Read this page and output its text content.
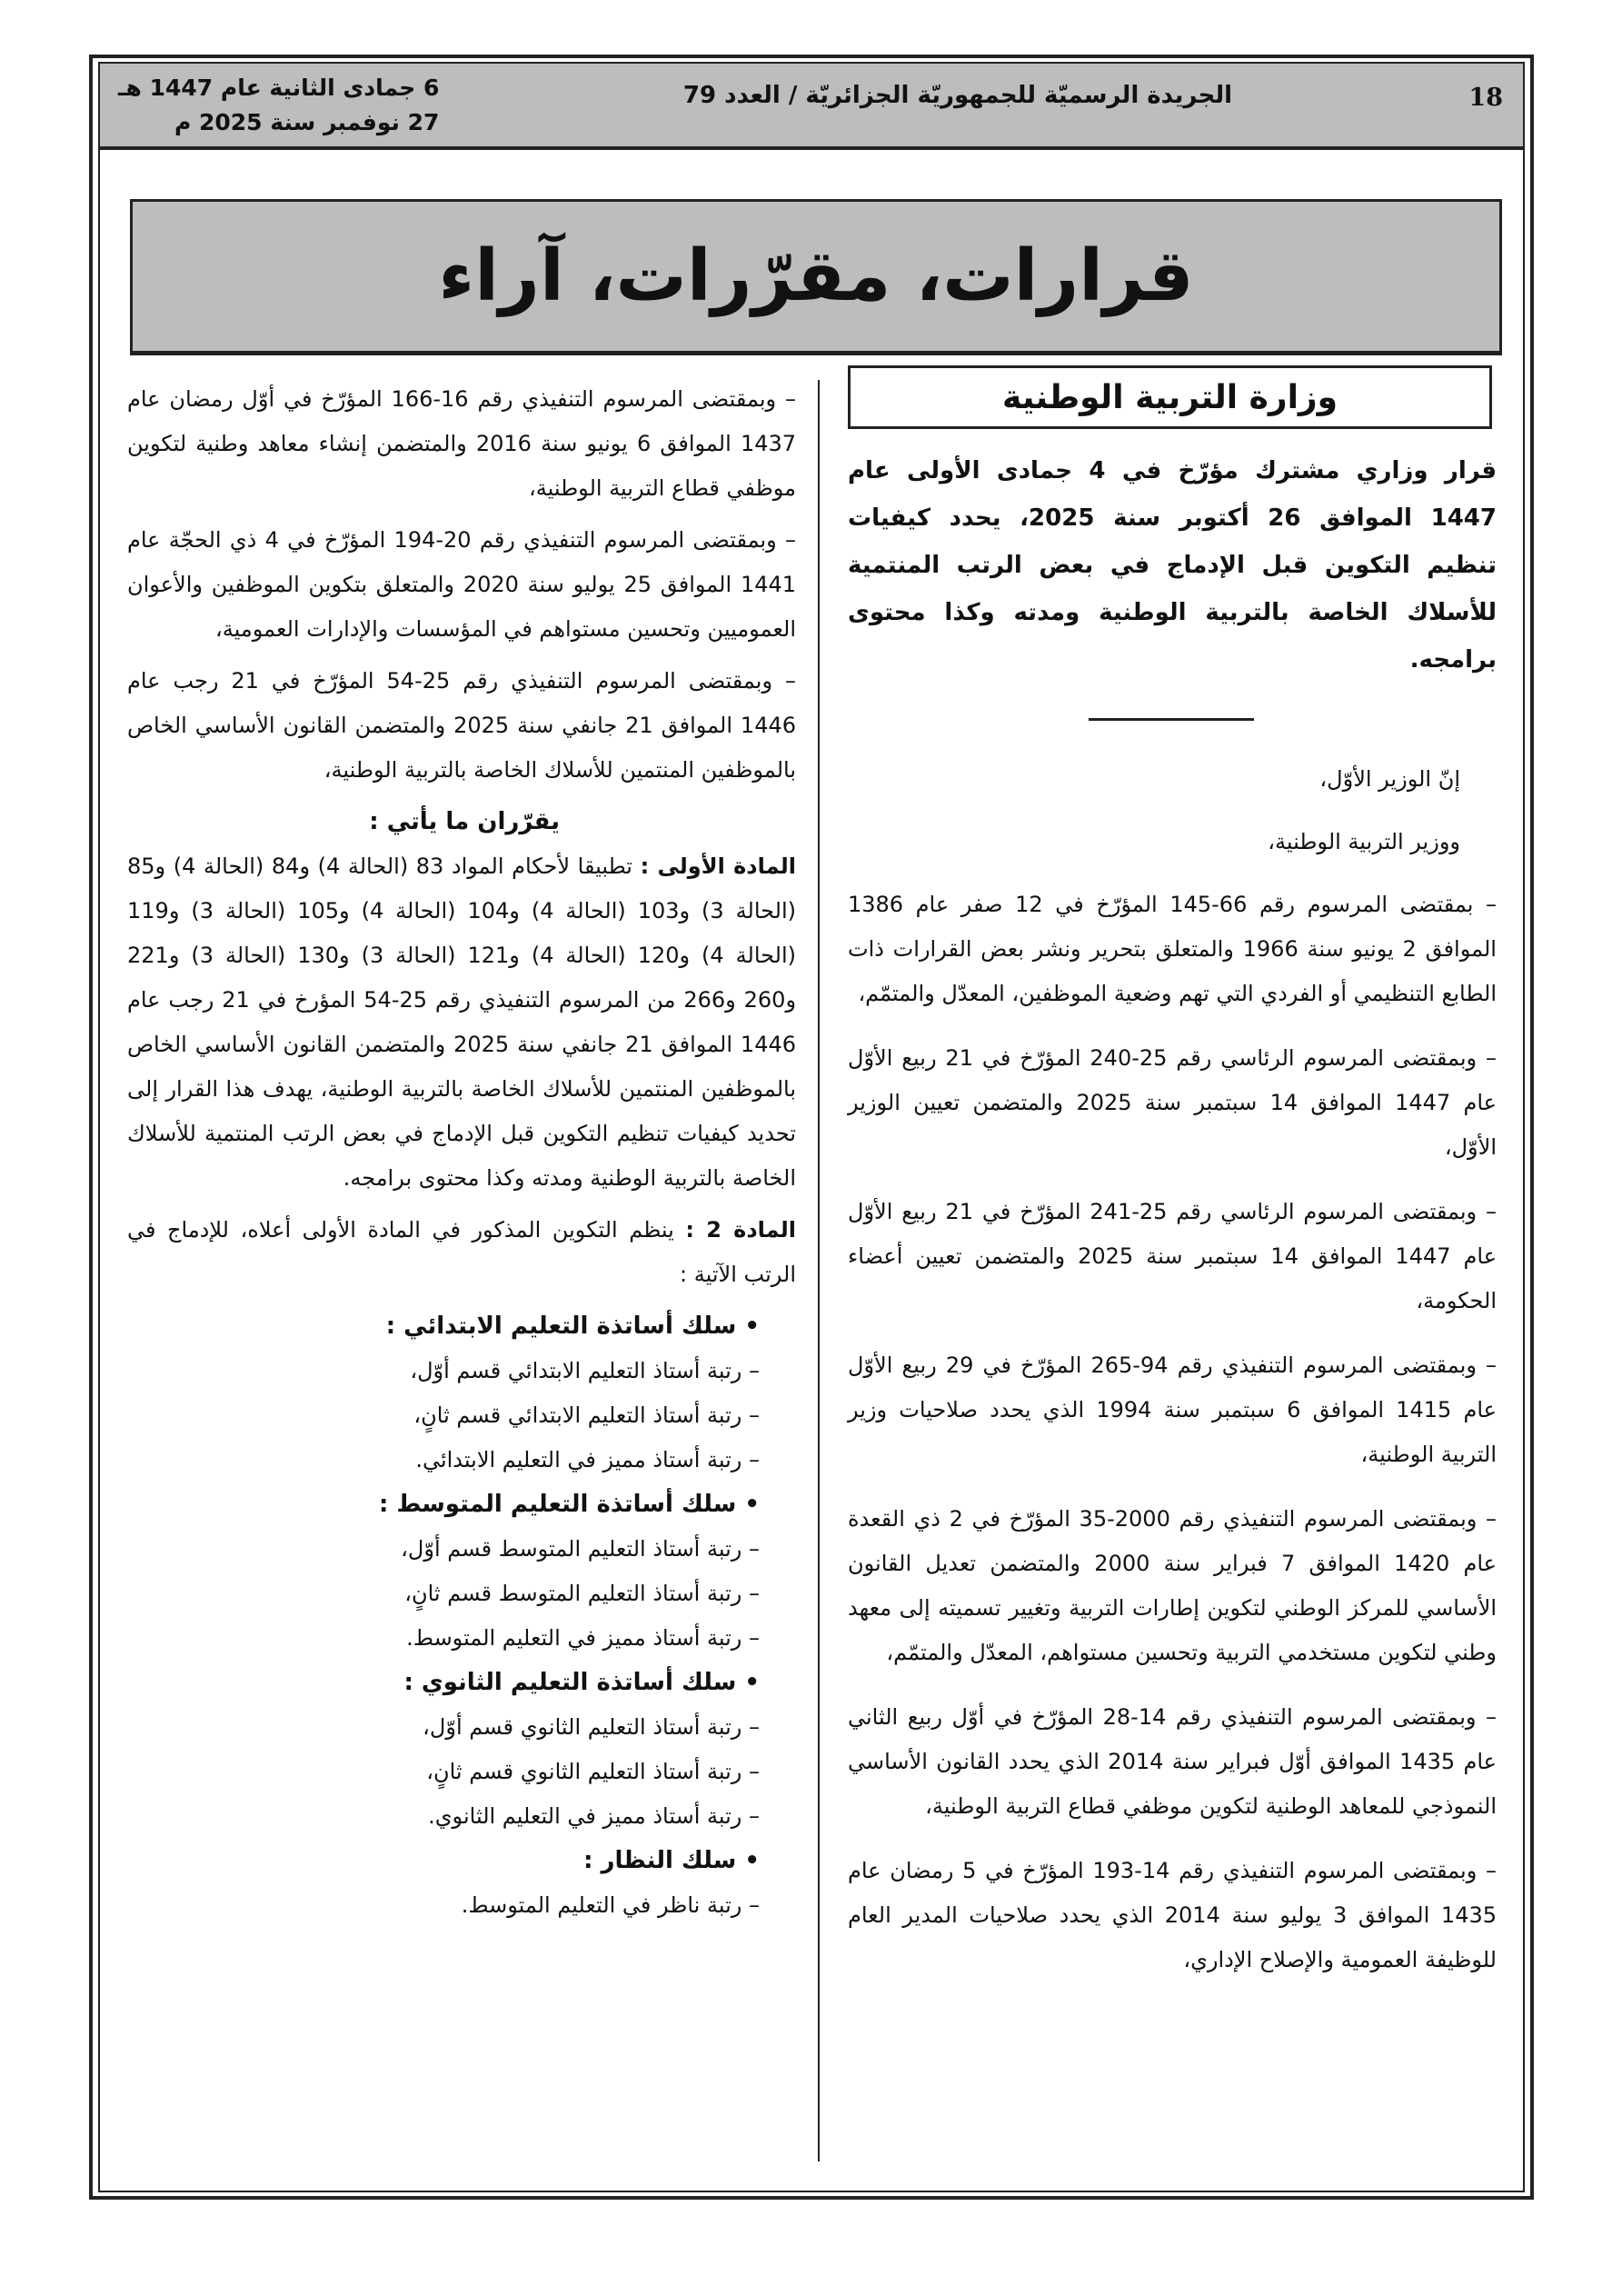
18
الجريدة الرسميّة للجمهوريّة الجزائريّة / العدد 79
6 جمادى الثانية عام 1447 هـ
27 نوفمبر سنة 2025 م
قرارات، مقرّرات، آراء
وزارة التربية الوطنية
قرار وزاري مشترك مؤرّخ في 4 جمادى الأولى عام 1447 الموافق 26 أكتوبر سنة 2025، يحدد كيفيات تنظيم التكوين قبل الإدماج في بعض الرتب المنتمية للأسلاك الخاصة بالتربية الوطنية ومدته وكذا محتوى برامجه.
إنّ الوزير الأوّل،
ووزير التربية الوطنية،
– بمقتضى المرسوم رقم 66-145 المؤرّخ في 12 صفر عام 1386 الموافق 2 يونيو سنة 1966 والمتعلق بتحرير ونشر بعض القرارات ذات الطابع التنظيمي أو الفردي التي تهم وضعية الموظفين، المعدّل والمتمّم،
– وبمقتضى المرسوم الرئاسي رقم 25-240 المؤرّخ في 21 ربيع الأوّل عام 1447 الموافق 14 سبتمبر سنة 2025 والمتضمن تعيين الوزير الأوّل،
– وبمقتضى المرسوم الرئاسي رقم 25-241 المؤرّخ في 21 ربيع الأوّل عام 1447 الموافق 14 سبتمبر سنة 2025 والمتضمن تعيين أعضاء الحكومة،
– وبمقتضى المرسوم التنفيذي رقم 94-265 المؤرّخ في 29 ربيع الأوّل عام 1415 الموافق 6 سبتمبر سنة 1994 الذي يحدد صلاحيات وزير التربية الوطنية،
– وبمقتضى المرسوم التنفيذي رقم 2000-35 المؤرّخ في 2 ذي القعدة عام 1420 الموافق 7 فبراير سنة 2000 والمتضمن تعديل القانون الأساسي للمركز الوطني لتكوين إطارات التربية وتغيير تسميته إلى معهد وطني لتكوين مستخدمي التربية وتحسين مستواهم، المعدّل والمتمّم،
– وبمقتضى المرسوم التنفيذي رقم 14-28 المؤرّخ في أوّل ربيع الثاني عام 1435 الموافق أوّل فبراير سنة 2014 الذي يحدد القانون الأساسي النموذجي للمعاهد الوطنية لتكوين موظفي قطاع التربية الوطنية،
– وبمقتضى المرسوم التنفيذي رقم 14-193 المؤرّخ في 5 رمضان عام 1435 الموافق 3 يوليو سنة 2014 الذي يحدد صلاحيات المدير العام للوظيفة العمومية والإصلاح الإداري،
– وبمقتضى المرسوم التنفيذي رقم 16-166 المؤرّخ في أوّل رمضان عام 1437 الموافق 6 يونيو سنة 2016 والمتضمن إنشاء معاهد وطنية لتكوين موظفي قطاع التربية الوطنية،
– وبمقتضى المرسوم التنفيذي رقم 20-194 المؤرّخ في 4 ذي الحجّة عام 1441 الموافق 25 يوليو سنة 2020 والمتعلق بتكوين الموظفين والأعوان العموميين وتحسين مستواهم في المؤسسات والإدارات العمومية،
– وبمقتضى المرسوم التنفيذي رقم 25-54 المؤرّخ في 21 رجب عام 1446 الموافق 21 جانفي سنة 2025 والمتضمن القانون الأساسي الخاص بالموظفين المنتمين للأسلاك الخاصة بالتربية الوطنية،
يقرّران ما يأتي :
المادة الأولى : تطبيقا لأحكام المواد 83 (الحالة 4) و84 (الحالة 4) و85 (الحالة 3) و103 (الحالة 4) و104 (الحالة 4) و105 (الحالة 3) و119 (الحالة 4) و120 (الحالة 4) و121 (الحالة 3) و130 (الحالة 3) و221 و260 و266 من المرسوم التنفيذي رقم 25-54 المؤرخ في 21 رجب عام 1446 الموافق 21 جانفي سنة 2025 والمتضمن القانون الأساسي الخاص بالموظفين المنتمين للأسلاك الخاصة بالتربية الوطنية، يهدف هذا القرار إلى تحديد كيفيات تنظيم التكوين قبل الإدماج في بعض الرتب المنتمية للأسلاك الخاصة بالتربية الوطنية ومدته وكذا محتوى برامجه.
المادة 2 : ينظم التكوين المذكور في المادة الأولى أعلاه، للإدماج في الرتب الآتية :
• سلك أساتذة التعليم الابتدائي :
– رتبة أستاذ التعليم الابتدائي قسم أوّل،
– رتبة أستاذ التعليم الابتدائي قسم ثانٍ،
– رتبة أستاذ مميز في التعليم الابتدائي.
• سلك أساتذة التعليم المتوسط :
– رتبة أستاذ التعليم المتوسط قسم أوّل،
– رتبة أستاذ التعليم المتوسط قسم ثانٍ،
– رتبة أستاذ مميز في التعليم المتوسط.
• سلك أساتذة التعليم الثانوي :
– رتبة أستاذ التعليم الثانوي قسم أوّل،
– رتبة أستاذ التعليم الثانوي قسم ثانٍ،
– رتبة أستاذ مميز في التعليم الثانوي.
• سلك النظار :
– رتبة ناظر في التعليم المتوسط.
